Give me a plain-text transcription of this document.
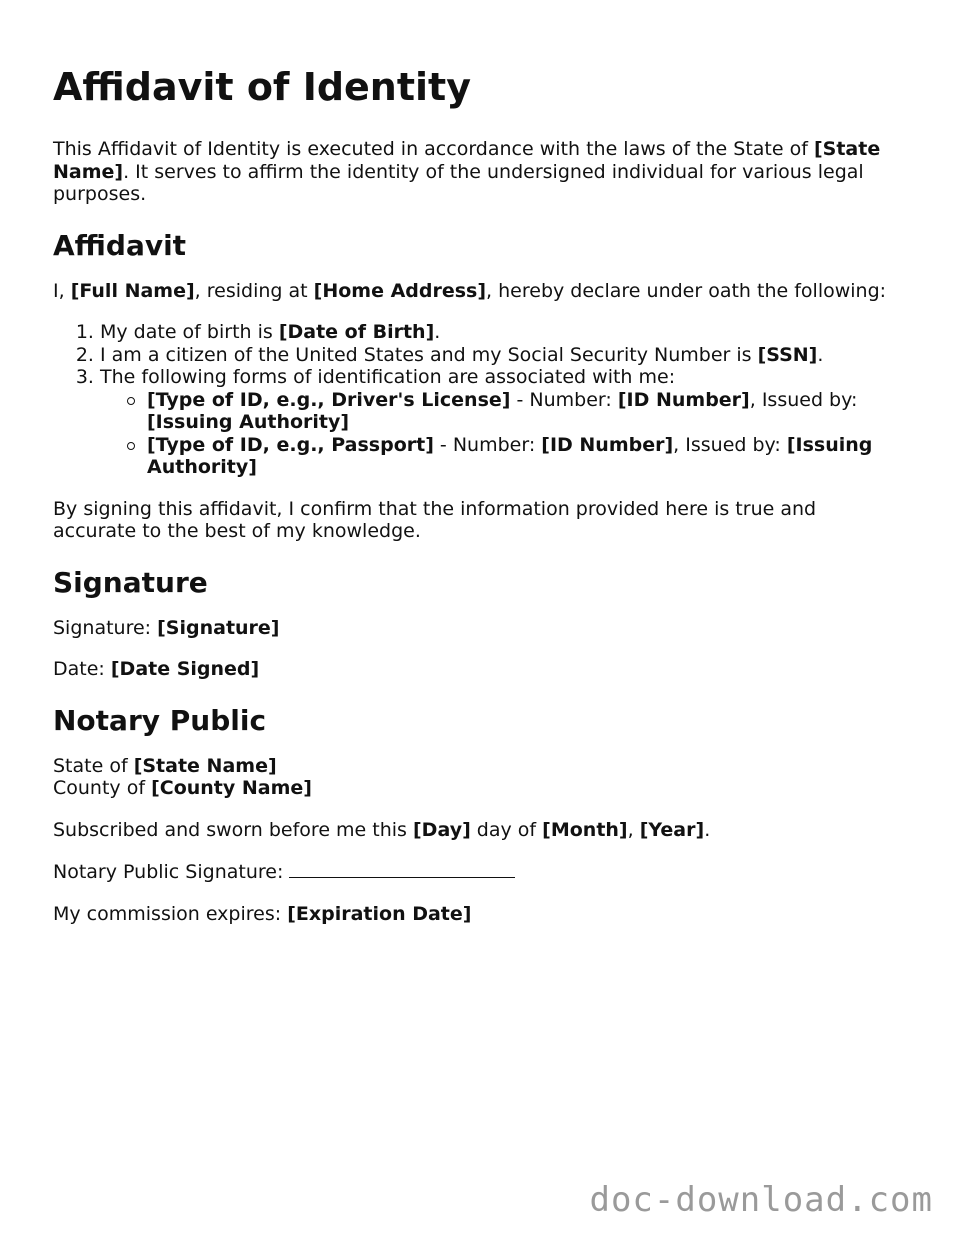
Affidavit of Identity

This Affidavit of Identity is executed in accordance with the laws of the State of [State Name]. It serves to affirm the identity of the undersigned individual for various legal purposes.

Affidavit

I, [Full Name], residing at [Home Address], hereby declare under oath the following:

1. My date of birth is [Date of Birth].
2. I am a citizen of the United States and my Social Security Number is [SSN].
3. The following forms of identification are associated with me:
[Type of ID, e.g., Driver's License] - Number: [ID Number], Issued by: [Issuing Authority]
[Type of ID, e.g., Passport] - Number: [ID Number], Issued by: [Issuing Authority]

By signing this affidavit, I confirm that the information provided here is true and accurate to the best of my knowledge.

Signature

Signature: [Signature]

Date: [Date Signed]

Notary Public

State of [State Name]
County of [County Name]

Subscribed and sworn before me this [Day] day of [Month], [Year].

Notary Public Signature:

My commission expires: [Expiration Date]

doc-download.com
